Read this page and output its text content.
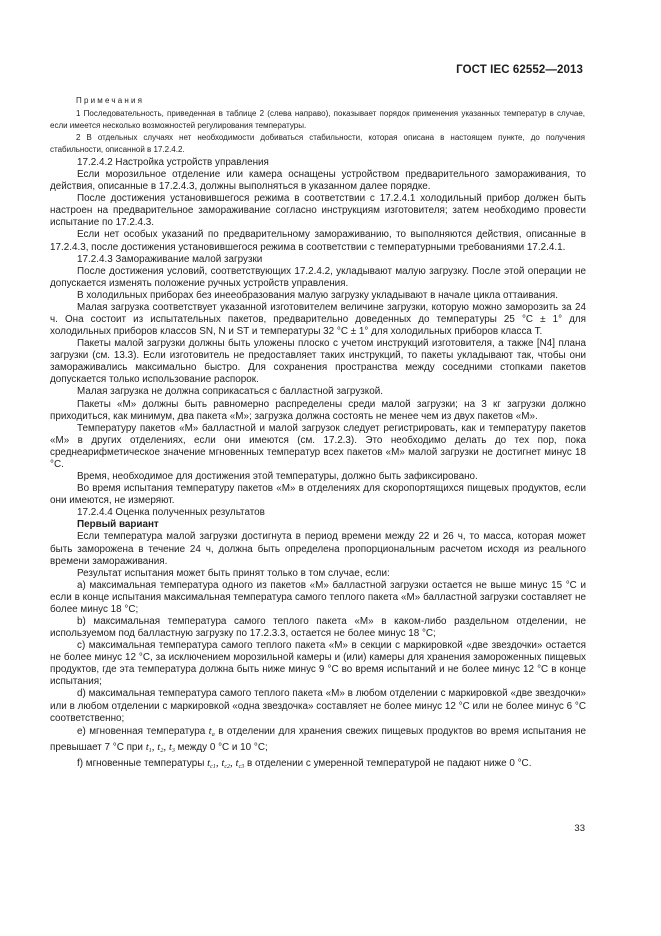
ГОСТ IEC 62552—2013

Примечания

1 Последовательность, приведенная в таблице 2 (слева направо), показывает порядок применения указанных температур в случае, если имеется несколько возможностей регулирования температуры.

2 В отдельных случаях нет необходимости добиваться стабильности, которая описана в настоящем пункте, до получения стабильности, описанной в 17.2.4.2.

17.2.4.2 Настройка устройств управления

Если морозильное отделение или камера оснащены устройством предварительного замораживания, то действия, описанные в 17.2.4.3, должны выполняться в указанном далее порядке.

После достижения установившегося режима в соответствии с 17.2.4.1 холодильный прибор должен быть настроен на предварительное замораживание согласно инструкциям изготовителя; затем необходимо провести испытание по 17.2.4.3.

Если нет особых указаний по предварительному замораживанию, то выполняются действия, описанные в 17.2.4.3, после достижения установившегося режима в соответствии с температурными требованиями 17.2.4.1.

17.2.4.3 Замораживание малой загрузки

После достижения условий, соответствующих 17.2.4.2, укладывают малую загрузку. После этой операции не допускается изменять положение ручных устройств управления.

В холодильных приборах без инееобразования малую загрузку укладывают в начале цикла оттаивания.

Малая загрузка соответствует указанной изготовителем величине загрузки, которую можно заморозить за 24 ч. Она состоит из испытательных пакетов, предварительно доведенных до температуры 25 °С ± 1° для холодильных приборов классов SN, N и ST и температуры 32 °С ± 1° для холодильных приборов класса Т.

Пакеты малой загрузки должны быть уложены плоско с учетом инструкций изготовителя, а также [N4] плана загрузки (см. 13.3). Если изготовитель не предоставляет таких инструкций, то пакеты укладывают так, чтобы они замораживались максимально быстро. Для сохранения пространства между соседними стопками пакетов допускается только использование распорок.

Малая загрузка не должна соприкасаться с балластной загрузкой.

Пакеты «М» должны быть равномерно распределены среди малой загрузки; на 3 кг загрузки должно приходиться, как минимум, два пакета «М»; загрузка должна состоять не менее чем из двух пакетов «М».

Температуру пакетов «М» балластной и малой загрузок следует регистрировать, как и температуру пакетов «М» в других отделениях, если они имеются (см. 17.2.3). Это необходимо делать до тех пор, пока среднеарифметическое значение мгновенных температур всех пакетов «М» малой загрузки не достигнет минус 18 °С.

Время, необходимое для достижения этой температуры, должно быть зафиксировано.

Во время испытания температуру пакетов «М» в отделениях для скоропортящихся пищевых продуктов, если они имеются, не измеряют.

17.2.4.4 Оценка полученных результатов

Первый вариант

Если температура малой загрузки достигнута в период времени между 22 и 26 ч, то масса, которая может быть заморожена в течение 24 ч, должна быть определена пропорциональным расчетом исходя из реального времени замораживания.

Результат испытания может быть принят только в том случае, если:

a) максимальная температура одного из пакетов «М» балластной загрузки остается не выше минус 15 °С и если в конце испытания максимальная температура самого теплого пакета «М» балластной загрузки составляет не более минус 18 °С;

b) максимальная температура самого теплого пакета «М» в каком-либо раздельном отделении, не используемом под балластную загрузку по 17.2.3.3, остается не более минус 18 °С;

c) максимальная температура самого теплого пакета «М» в секции с маркировкой «две звездочки» остается не более минус 12 °С, за исключением морозильной камеры и (или) камеры для хранения замороженных пищевых продуктов, где эта температура должна быть ниже минус 9 °С во время испытаний и не более минус 12 °С в конце испытания;

d) максимальная температура самого теплого пакета «М» в любом отделении с маркировкой «две звездочки» или в любом отделении с маркировкой «одна звездочка» составляет не более минус 12 °С или не более минус 6 °С соответственно;

e) мгновенная температура $t_a$ в отделении для хранения свежих пищевых продуктов во время испытания не превышает 7 °С при $t_1$, $t_2$, $t_3$ между 0 °С и 10 °С;

f) мгновенные температуры $t_{c1}$, $t_{c2}$, $t_{c3}$ в отделении с умеренной температурой не падают ниже 0 °С.

33
